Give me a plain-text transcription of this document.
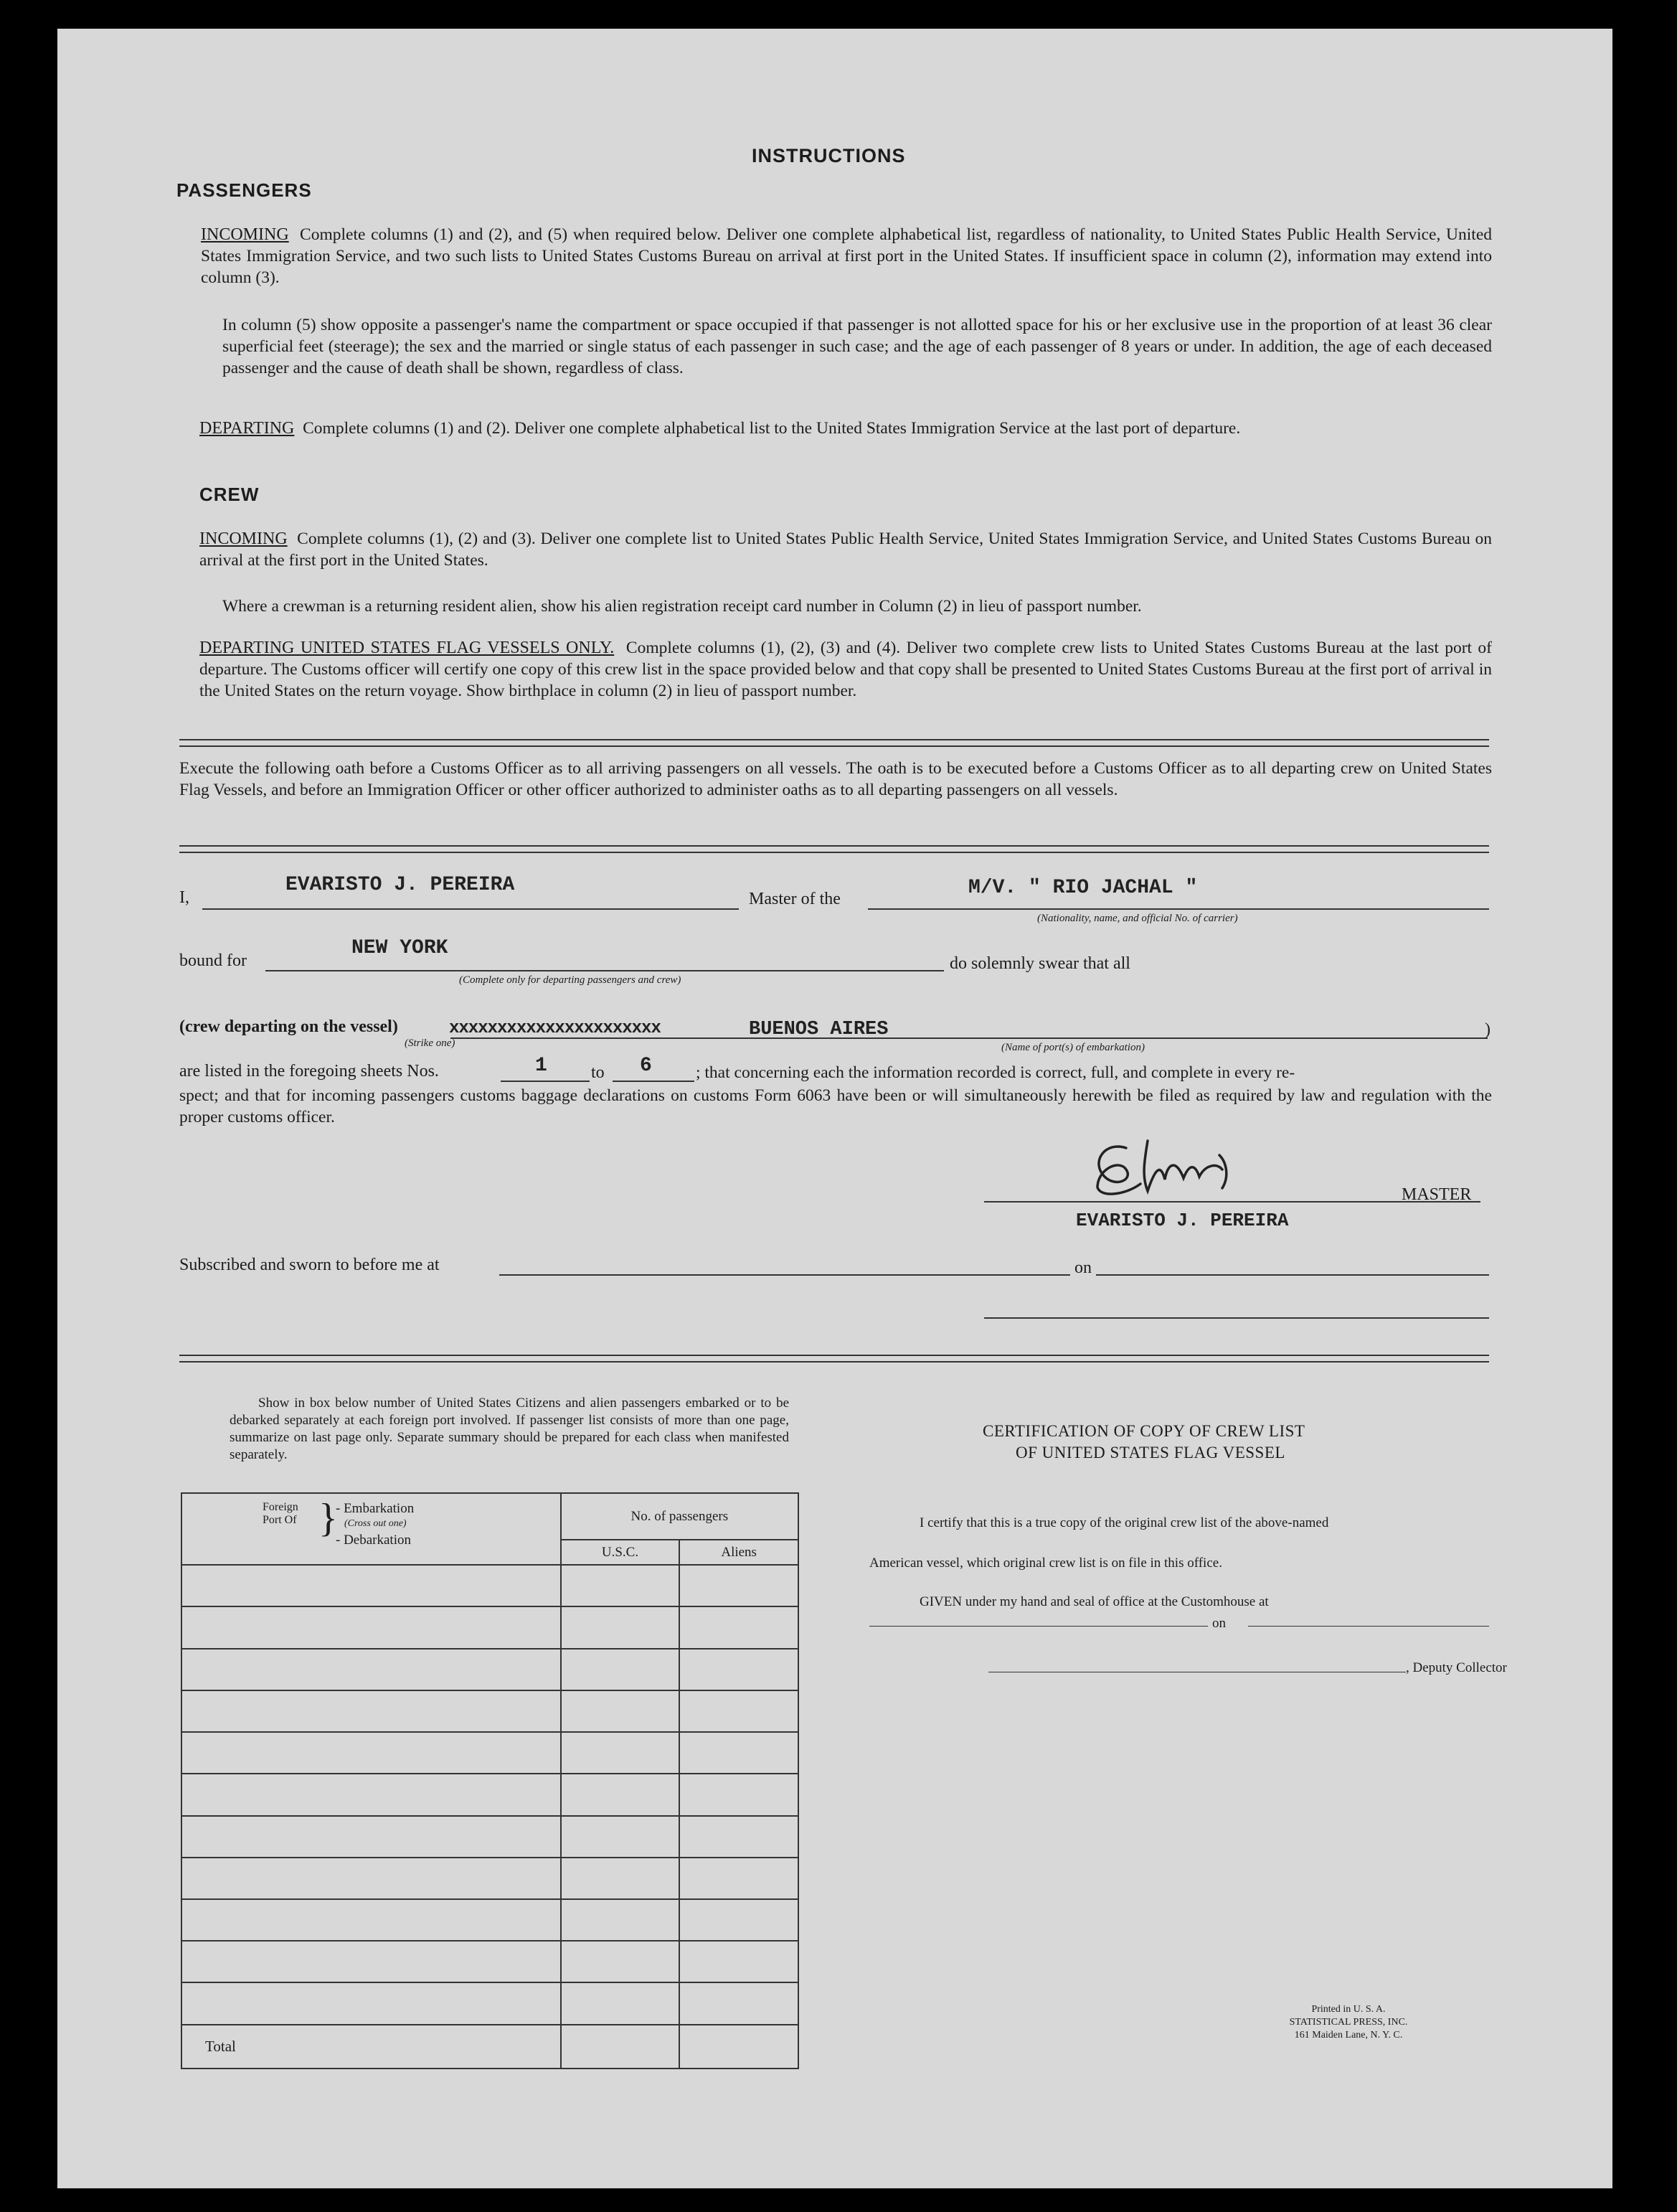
INSTRUCTIONS
PASSENGERS

INCOMING Complete columns (1) and (2), and (5) when required below. Deliver one complete alphabetical list, regardless of nationality, to United States Public Health Service, United States Immigration Service, and two such lists to United States Customs Bureau on arrival at first port in the United States. If insufficient space in column (2), information may extend into column (3).

In column (5) show opposite a passenger's name the compartment or space occupied if that passenger is not allotted space for his or her exclusive use in the proportion of at least 36 clear superficial feet (steerage); the sex and the married or single status of each passenger in such case; and the age of each passenger of 8 years or under. In addition, the age of each deceased passenger and the cause of death shall be shown, regardless of class.

DEPARTING Complete columns (1) and (2). Deliver one complete alphabetical list to the United States Immigration Service at the last port of departure.

CREW

INCOMING Complete columns (1), (2) and (3). Deliver one complete list to United States Public Health Service, United States Immigration Service, and United States Customs Bureau on arrival at the first port in the United States.

Where a crewman is a returning resident alien, show his alien registration receipt card number in Column (2) in lieu of passport number.

DEPARTING UNITED STATES FLAG VESSELS ONLY. Complete columns (1), (2), (3) and (4). Deliver two complete crew lists to United States Customs Bureau at the last port of departure. The Customs officer will certify one copy of this crew list in the space provided below and that copy shall be presented to United States Customs Bureau at the first port of arrival in the United States on the return voyage. Show birthplace in column (2) in lieu of passport number.

Execute the following oath before a Customs Officer as to all arriving passengers on all vessels. The oath is to be executed before a Customs Officer as to all departing crew on United States Flag Vessels, and before an Immigration Officer or other officer authorized to administer oaths as to all departing passengers on all vessels.

I,
EVARISTO J. PEREIRA
Master of the	M/V. " RIO JACHAL "
(Nationality, name, and official No. of carrier)
bound for
NEW YORK
(Complete only for departing passengers and crew)
do solemnly swear that all
(crew departing on the vessel)
(Strike one)
xxxxxxxxxxxxxxxxxxxxxx	BUENOS AIRES	)
(Name of port(s) of embarkation)
are listed in the foregoing sheets Nos.	1	to 6	; that concerning each the information recorded is correct, full, and complete in every re-

spect; and that for incoming passengers customs baggage declarations on customs Form 6063 have been or will simultaneously herewith be filed as required by law and regulation with the proper customs officer.

MASTER
EVARISTO J. PEREIRA
Subscribed and sworn to before me at	on

Show in box below number of United States Citizens and alien passengers embarked or to be debarked separately at each foreign port involved. If passenger list consists of more than one page, summarize on last page only. Separate summary should be prepared for each class when manifested separately.

Foreign Port Of }
- Embarkation
(Cross out one)
- Debarkation	No. of passengers	
	U.S.C.	Aliens

Total		
CERTIFICATION OF COPY OF CREW LIST
OF UNITED STATES FLAG VESSEL
I certify that this is a true copy of the original crew list of the above-named
American vessel, which original crew list is on file in this office.
GIVEN under my hand and seal of office at the Customhouse at
on
, Deputy Collector
Printed in U. S. A.
STATISTICAL PRESS, INC.
161 Maiden Lane, N. Y. C.
